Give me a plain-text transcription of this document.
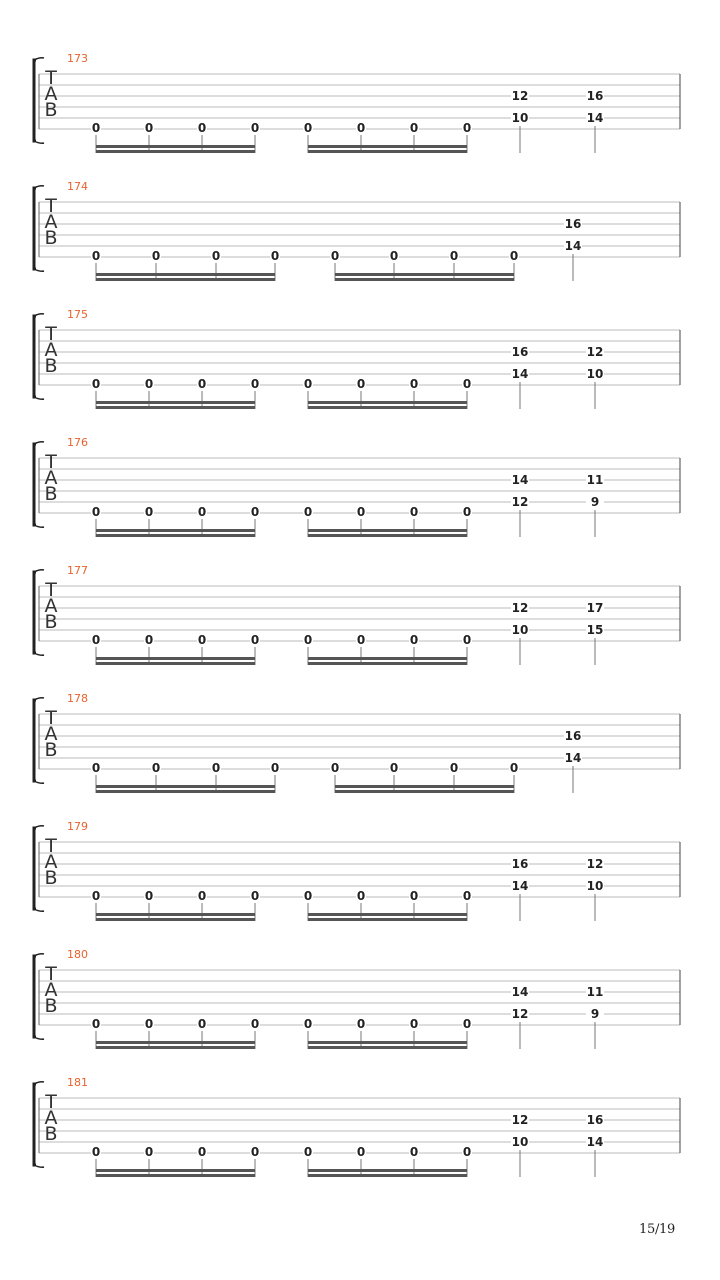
173
T
A
B
0	0	0	0	0	0	0	0
12
10
16
14
174
T
A
B
0	0	0	0	0	0	0	0
16
14
175
T
A
B
0	0	0	0	0	0	0	0
16
14
12
10
176
T
A
B
0	0	0	0	0	0	0	0
14
12
11
9
177
T
A
B
0	0	0	0	0	0	0	0
12
10
17
15
178
T
A
B
0	0	0	0	0	0	0	0
16
14
179
T
A
B
0	0	0	0	0	0	0	0
16
14
12
10
180
T
A
B
0	0	0	0	0	0	0	0
14
12
11
9
181
T
A
B
0	0	0	0	0	0	0	0
12
10
16
14
15/19
